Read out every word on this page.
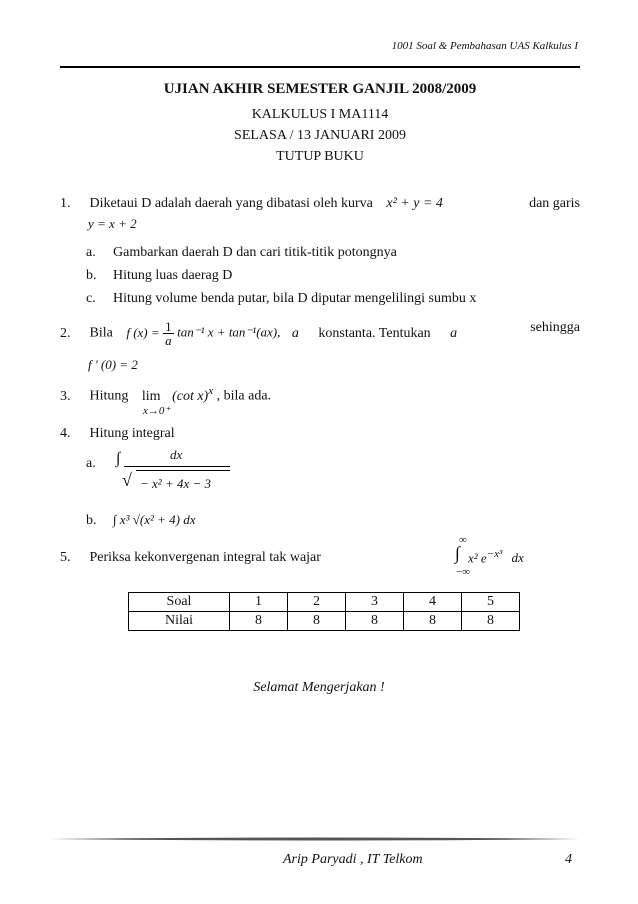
1001 Soal & Pembahasan UAS Kalkulus I
UJIAN AKHIR SEMESTER GANJIL 2008/2009
KALKULUS I MA1114
SELASA / 13 JANUARI 2009
TUTUP BUKU
1. Diketaui D adalah daerah yang dibatasi oleh kurva x² + y = 4	dan garis
y = x + 2
a. Gambarkan daerah D dan cari titik-titik potongnya
b. Hitung luas daerag D
c. Hitung volume benda putar, bila D diputar mengelilingi sumbu x
2. Bila f $(x) = \frac{1}{a} \tan^{-1}$ x + tan⁻¹(ax), a konstanta. Tentukan a	sehingga
f ' (0) = 2
3. Hitung lim (cot x)$^x$ , bila ada.
x→0⁺
4. Hitung integral
a.	∫	dx
√ − x² + 4x − 3
b. ∫ x³ √(x² + 4) dx
5. Periksa kekonvergenan integral tak wajar
∞
∫
−∞
x² $e^{-x^3}$ dx
Soal	1	2	3	4	5
Nilai	8	8	8	8	8
Selamat Mengerjakan !
Arip Paryadi , IT Telkom	4
